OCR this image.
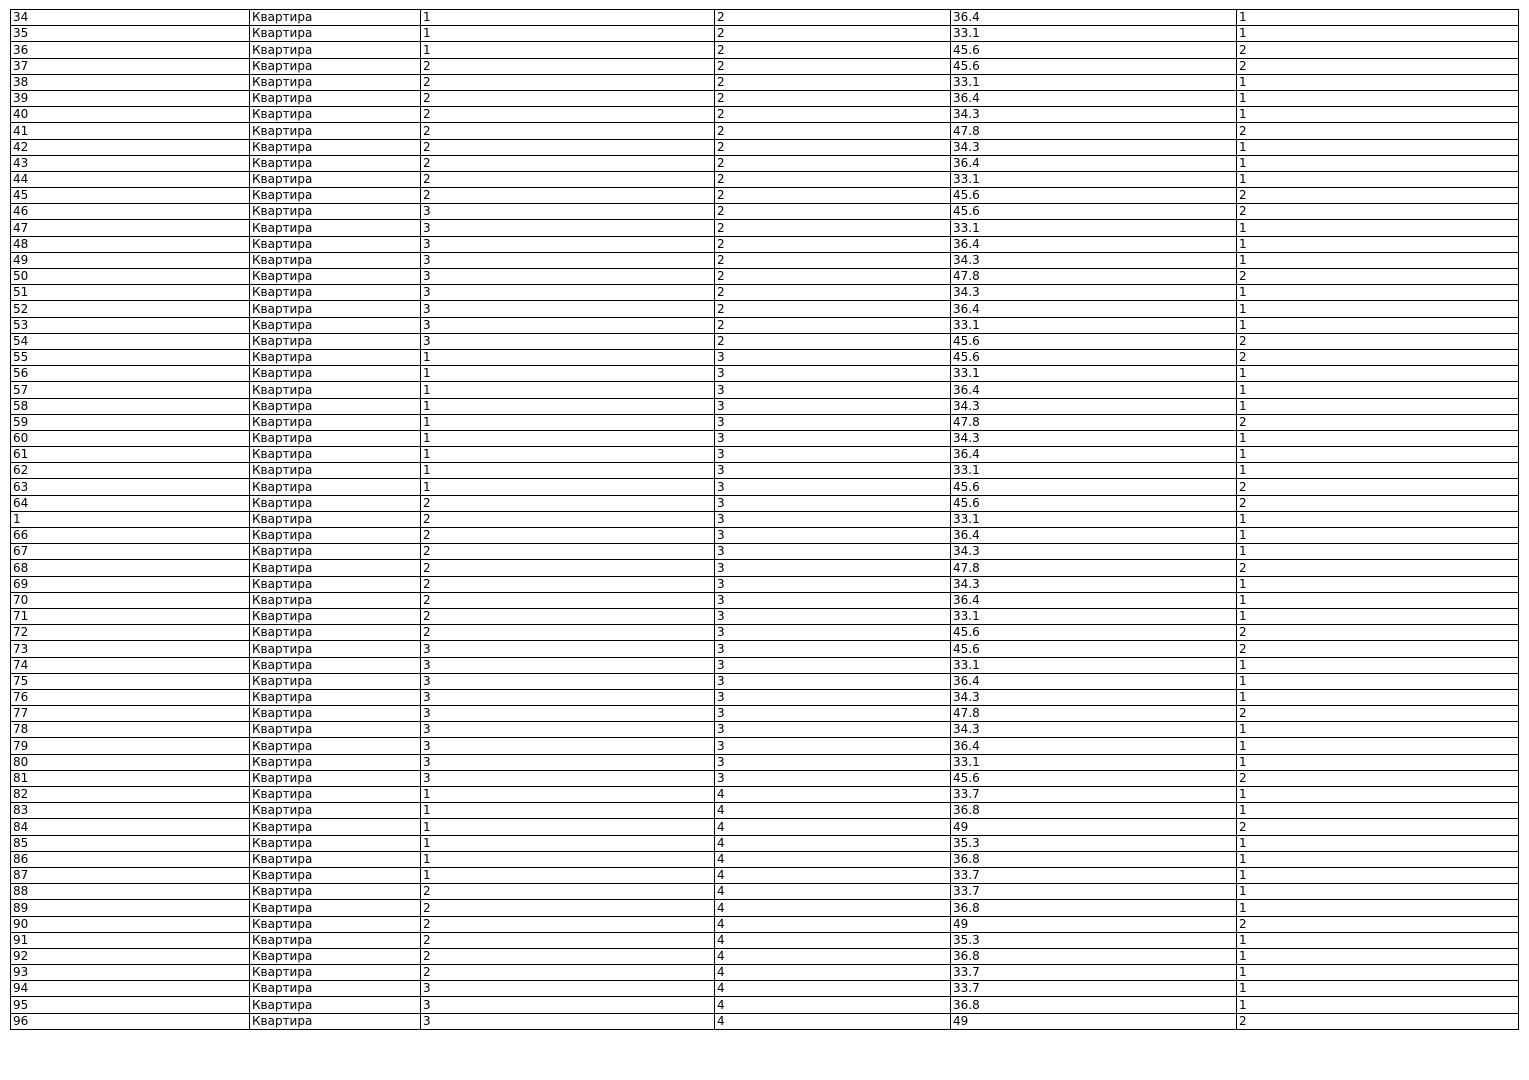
34	Квартира	1	2	36.4	1
35	Квартира	1	2	33.1	1
36	Квартира	1	2	45.6	2
37	Квартира	2	2	45.6	2
38	Квартира	2	2	33.1	1
39	Квартира	2	2	36.4	1
40	Квартира	2	2	34.3	1
41	Квартира	2	2	47.8	2
42	Квартира	2	2	34.3	1
43	Квартира	2	2	36.4	1
44	Квартира	2	2	33.1	1
45	Квартира	2	2	45.6	2
46	Квартира	3	2	45.6	2
47	Квартира	3	2	33.1	1
48	Квартира	3	2	36.4	1
49	Квартира	3	2	34.3	1
50	Квартира	3	2	47.8	2
51	Квартира	3	2	34.3	1
52	Квартира	3	2	36.4	1
53	Квартира	3	2	33.1	1
54	Квартира	3	2	45.6	2
55	Квартира	1	3	45.6	2
56	Квартира	1	3	33.1	1
57	Квартира	1	3	36.4	1
58	Квартира	1	3	34.3	1
59	Квартира	1	3	47.8	2
60	Квартира	1	3	34.3	1
61	Квартира	1	3	36.4	1
62	Квартира	1	3	33.1	1
63	Квартира	1	3	45.6	2
64	Квартира	2	3	45.6	2
1	Квартира	2	3	33.1	1
66	Квартира	2	3	36.4	1
67	Квартира	2	3	34.3	1
68	Квартира	2	3	47.8	2
69	Квартира	2	3	34.3	1
70	Квартира	2	3	36.4	1
71	Квартира	2	3	33.1	1
72	Квартира	2	3	45.6	2
73	Квартира	3	3	45.6	2
74	Квартира	3	3	33.1	1
75	Квартира	3	3	36.4	1
76	Квартира	3	3	34.3	1
77	Квартира	3	3	47.8	2
78	Квартира	3	3	34.3	1
79	Квартира	3	3	36.4	1
80	Квартира	3	3	33.1	1
81	Квартира	3	3	45.6	2
82	Квартира	1	4	33.7	1
83	Квартира	1	4	36.8	1
84	Квартира	1	4	49	2
85	Квартира	1	4	35.3	1
86	Квартира	1	4	36.8	1
87	Квартира	1	4	33.7	1
88	Квартира	2	4	33.7	1
89	Квартира	2	4	36.8	1
90	Квартира	2	4	49	2
91	Квартира	2	4	35.3	1
92	Квартира	2	4	36.8	1
93	Квартира	2	4	33.7	1
94	Квартира	3	4	33.7	1
95	Квартира	3	4	36.8	1
96	Квартира	3	4	49	2
